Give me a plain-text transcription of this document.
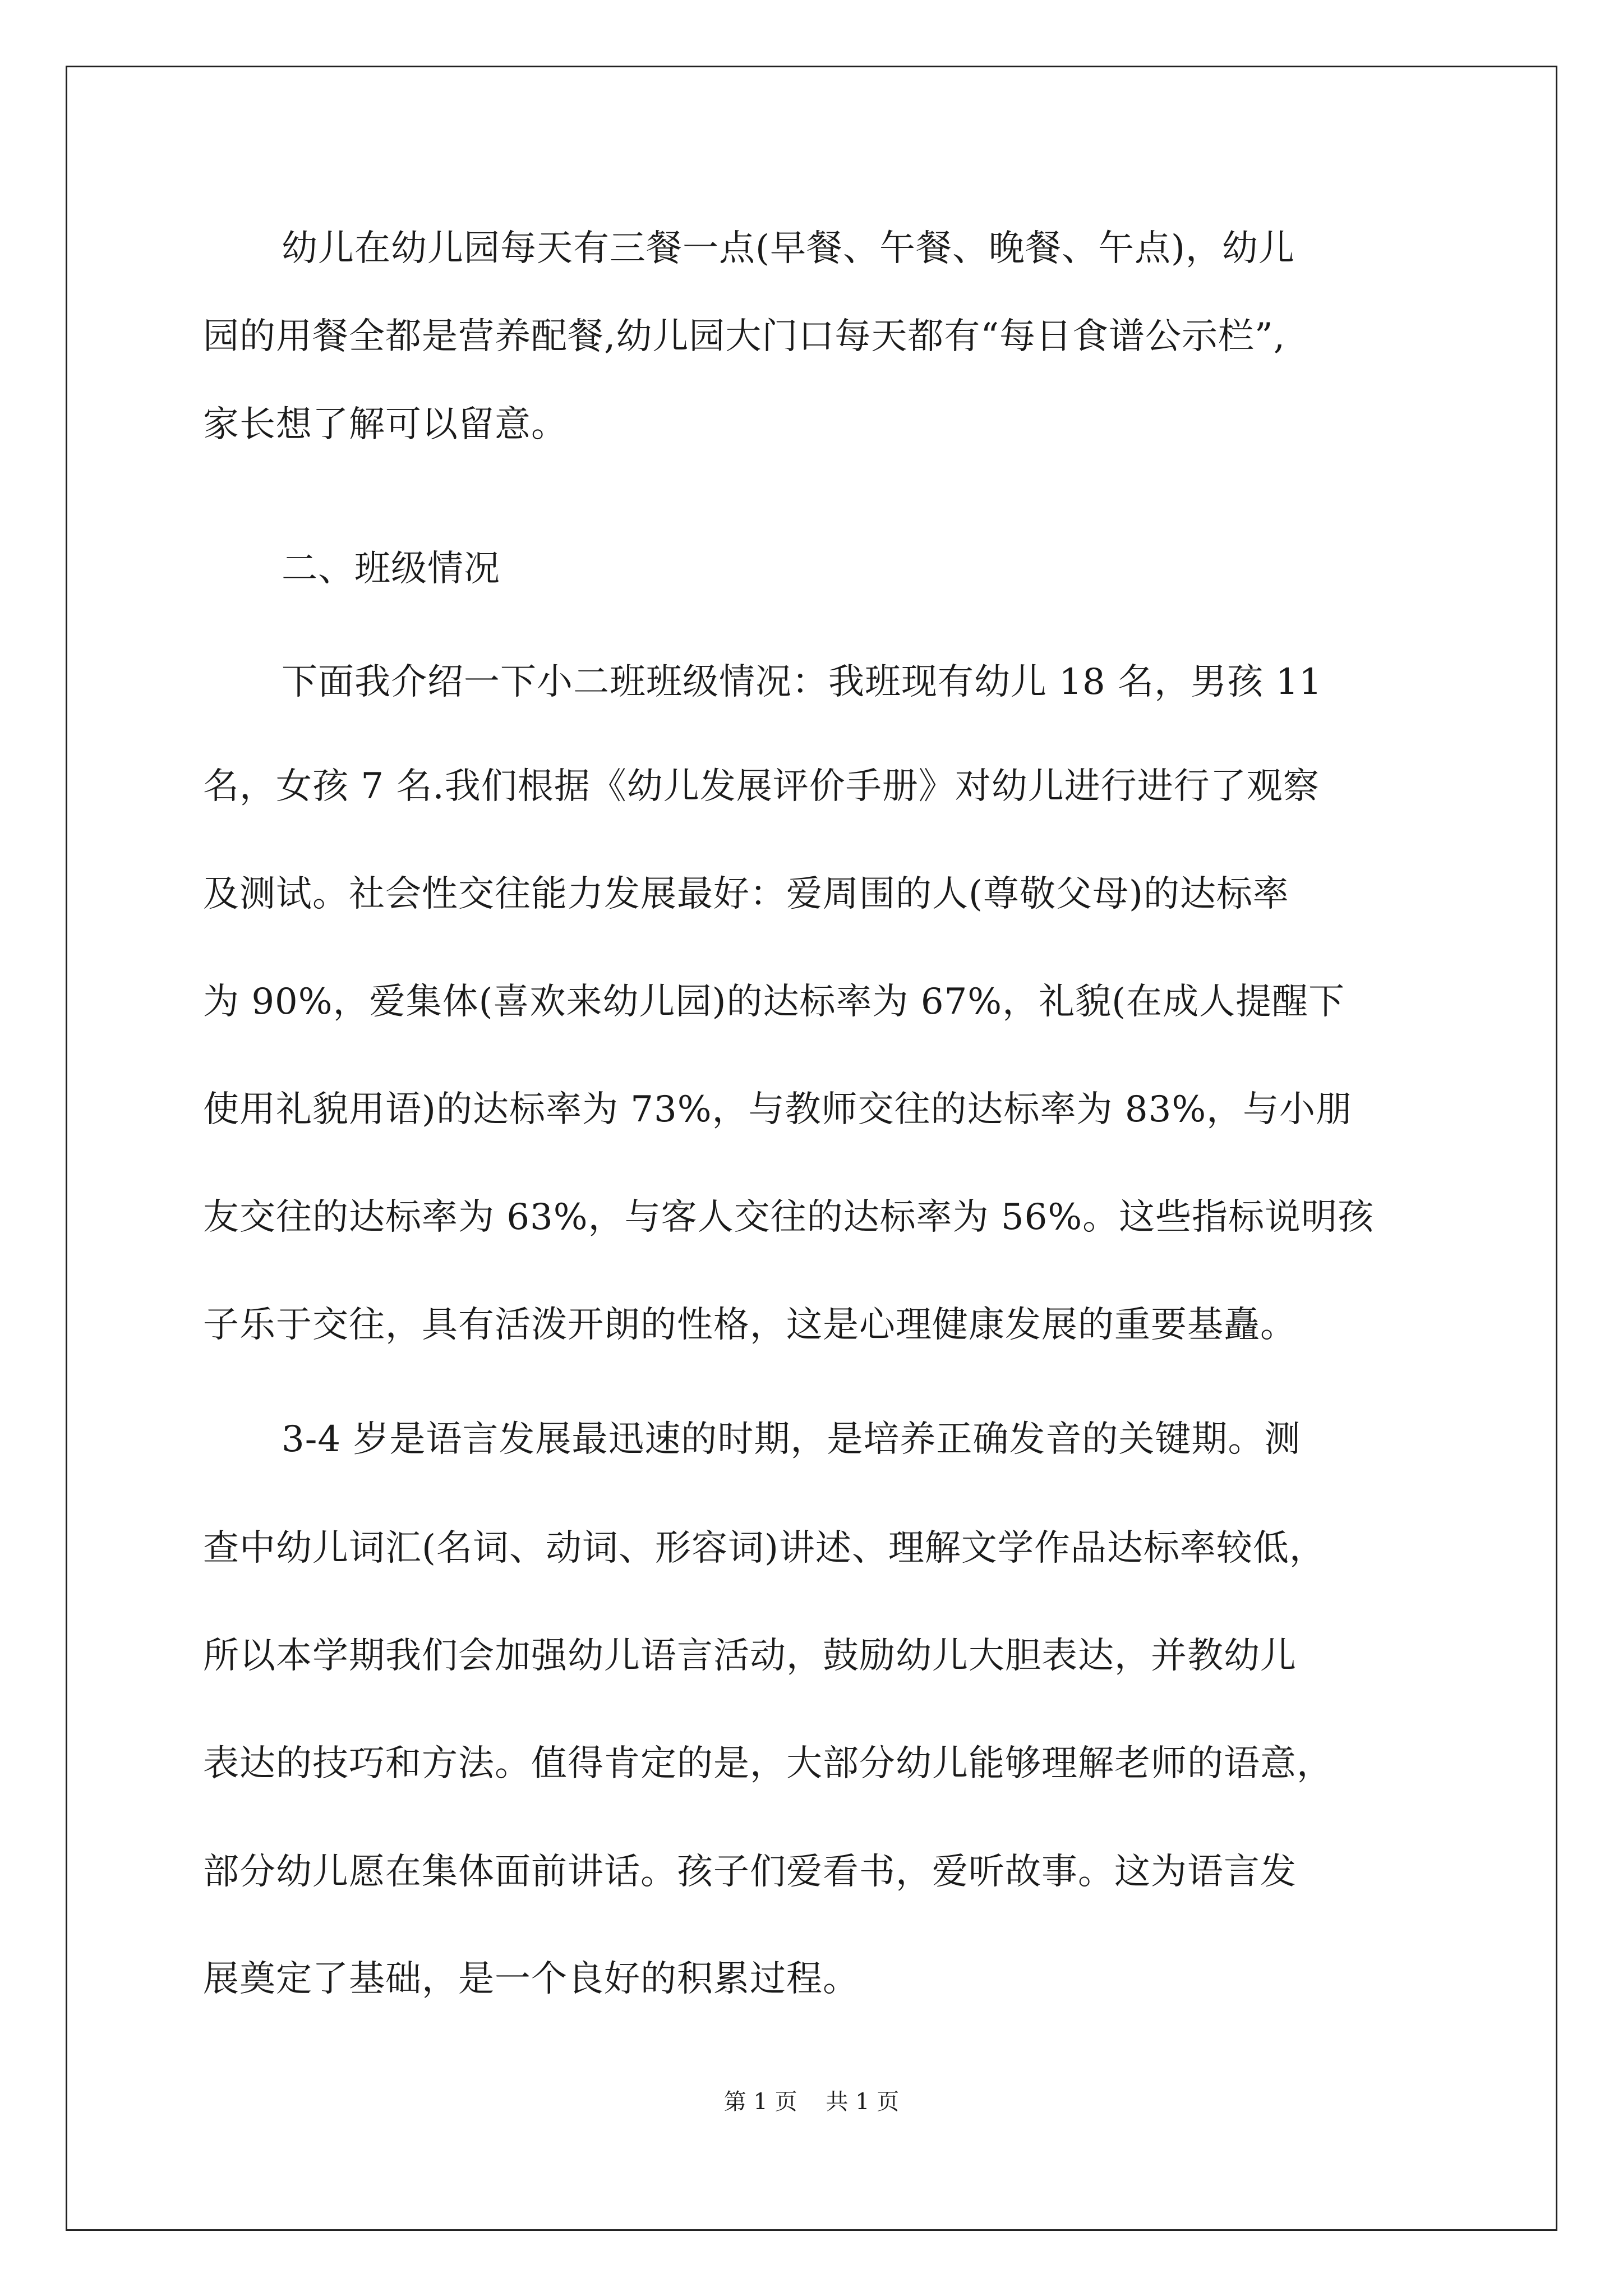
幼儿在幼儿园每天有三餐一点(早餐、午餐、晚餐、午点)，幼儿
园的用餐全都是营养配餐,幼儿园大门口每天都有“每日食谱公示栏”,
家长想了解可以留意。
二、班级情况
下面我介绍一下小二班班级情况：我班现有幼儿 18 名，男孩 11
名，女孩 7 名.我们根据《幼儿发展评价手册》对幼儿进行进行了观察
及测试。社会性交往能力发展最好：爱周围的人(尊敬父母)的达标率
为 90%，爱集体(喜欢来幼儿园)的达标率为 67%，礼貌(在成人提醒下
使用礼貌用语)的达标率为 73%，与教师交往的达标率为 83%，与小朋
友交往的达标率为 63%，与客人交往的达标率为 56%。这些指标说明孩
子乐于交往，具有活泼开朗的性格，这是心理健康发展的重要基矗。
3-4 岁是语言发展最迅速的时期，是培养正确发音的关键期。测
查中幼儿词汇(名词、动词、形容词)讲述、理解文学作品达标率较低，
所以本学期我们会加强幼儿语言活动，鼓励幼儿大胆表达，并教幼儿
表达的技巧和方法。值得肯定的是，大部分幼儿能够理解老师的语意，
部分幼儿愿在集体面前讲话。孩子们爱看书，爱听故事。这为语言发
展奠定了基础，是一个良好的积累过程。
第 1 页    共 1 页
